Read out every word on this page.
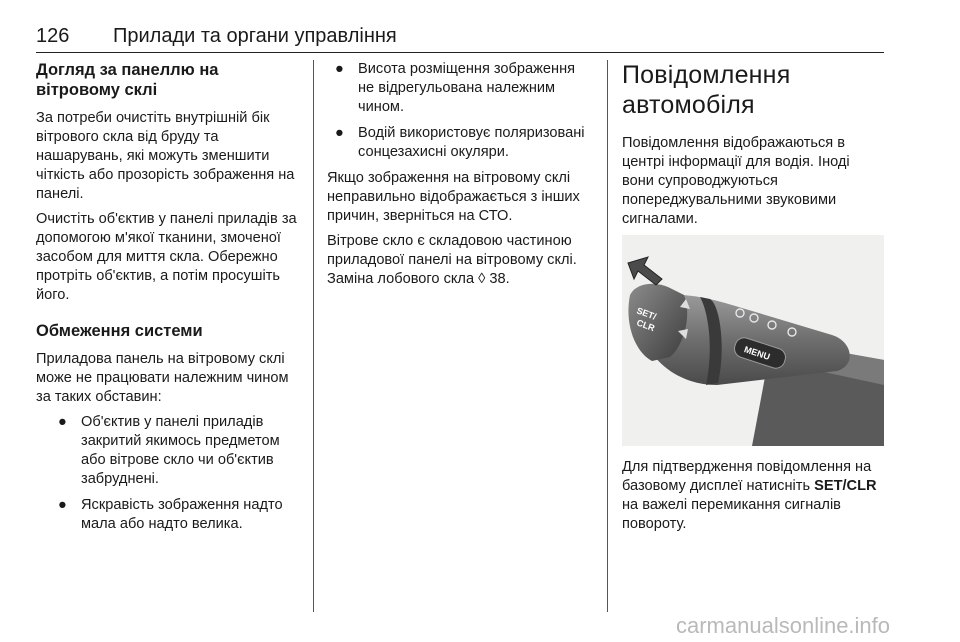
126 Прилади та органи управління
Догляд за панеллю на
вітровому склі

За потреби очистіть внутрішній бік вітрового скла від бруду та нашарувань, які можуть зменшити чіткість або прозорість зображення на панелі.

Очистіть об'єктив у панелі приладів за допомогою м'якої тканини, змоченої засобом для миття скла. Обережно протріть об'єктив, а потім просушіть його.

Обмеження системи

Приладова панель на вітровому склі може не працювати належним чином за таких обставин:

● Об'єктив у панелі приладів закритий якимось предметом або вітрове скло чи об'єктив забруднені.
● Яскравість зображення надто мала або надто велика.
● Висота розміщення зображення не відрегульована належним чином.
● Водій використовує поляризовані сонцезахисні окуляри.

Якщо зображення на вітровому склі неправильно відображається з інших причин, зверніться на СТО.

Вітрове скло є складовою частиною приладової панелі на вітровому склі. Заміна лобового скла ◊ 38.

Повідомлення
автомобіля

Повідомлення відображаються в центрі інформації для водія. Іноді вони супроводжуються попереджувальними звуковими сигналами.

SET/
CLR
MENU

Для підтвердження повідомлення на базовому дисплеї натисніть SET/CLR на важелі перемикання сигналів повороту.

carmanualsonline.info
